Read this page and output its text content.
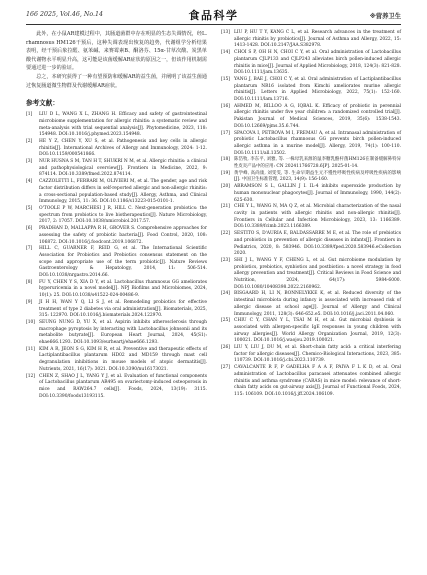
166 2025, Vol.46, No.14	食品科学	※营养卫生

此外，在小鼠AR建模过程中，其肠道菌群中存在明显的生态失调情况，经L. rhamnosus HM126干预后，这种失调表现出恢复的趋势，代谢组学分析结果表明，经干预后象拉醛、氨苯碱、来赛霉素B、酮洛芬、15α-甘草次酸、炭黑单酸代谢物水平明显升高，这可能是该菌缓解AR症状的原因之一，但该作用机制需要通过进一步的验证。

总之，本研究获得了一种有望预防和缓解AR的益生菌，并阐明了该益生菌通过恢复肠道微生物群及代谢缓解AR症状。

参考文献：
[1]	LIU D L, WANG X L, ZHANG H. Efficacy and safety of gastrointestinal microbiome supplementation for allergic rhinitis: a systematic review and meta-analysis with trial sequential analysis[J]. Phytomedicine, 2023, 118: 154948. DOI:10.1016/j.phymed.2023.154948.
[2]	HE Y Z, CHEN Y, XU S, et al. Pathogenesis and key cells in allergic rhinitis[J]. International Archives of Allergy and Immunology, 2024: 1-12. DOI:10.1159/000541866.
[3]	NUR HUSNA S M, TAN H T, SHUKRI N M, et al. Allergic rhinitis: a clinical and pathophysiological overview[J]. Frontiers in Medicine, 2022, 9: 874114. DOI:10.3389/fmed.2022.874114.
[4]	CAZZOLETTI L, FERRARI M, OLIVIERI M, et al. The gender, age and risk factor distribution differs in self-reported allergic and non-allergic rhinitis: a cross-sectional population-based study[J]. Allergy, Asthma, and Clinical Immunology, 2015, 11: 36. DOI:10.1186/s13223-015-0101-1.
[5]	O'TOOLE P W, MARCHESI J R, HILL C. Next-generation probiotics: the spectrum from probiotics to live biotherapeutics[J]. Nature Microbiology, 2017, 2: 17057. DOI:10.1038/nmicrobiol.2017.57.
[6]	PRADHAN D, MALLAPPA R H, GROVER S. Comprehensive approaches for assessing the safety of probiotic bacteria[J]. Food Control, 2020, 108: 106872. DOI:10.1016/j.foodcont.2019.106872.
[7]	HILL C, GUARNER F, REID G, et al. The International Scientific Association for Probiotics and Prebiotics consensus statement on the scope and appropriate use of the term probiotic[J]. Nature Reviews Gastroenterology & Hepatology, 2014, 11: 506-514. DOI:10.1038/nrgastro.2014.66.
[8]	FU Y, CHEN Y S, XIA D Y, et al. Lactobacillus rhamnosus GG ameliorates hyperuricemia in a novel model[J]. NPJ Biofilms and Microbiomes, 2024, 10(1): 25. DOI:10.1038/s41522-024-00486-9.
[9]	JI H H, WAN Y Q, LI S J, et al. Remodeling probiotics for effective treatment of type 2 diabetes via oral administration[J]. Biomaterials, 2025, 315: 122970. DOI:10.1016/j.biomaterials.2024.122970.
[10] SEUNG NUNG D, YU X, et al. Aspirin inhibits atherosclerosis through macrophage pyroptosis by interacting with Lactobacillus johnsonii and its metabolite butyrate[J]. European Heart Journal, 2024, 45(S1): ehae666.1293. DOI:10.1093/eurheartj/ehae666.1293.
[11] KIM A R, JEON S G, KIM H R, et al. Preventive and therapeutic effects of Lactiplantibacillus plantarum HD02 and MD159 through mast cell degranulation inhibitions in mouse models of atopic dermatitis[J]. Nutrients, 2021, 16(17): 3021. DOI:10.3390/nu16173021.
[12] CHEN Z, SHAO J L, YANG Y J, et al. Evaluation of functional components of Lactobacillus plantarum AR495 on ovariectomy-induced osteoporosis in mice and RAW264.7 cells[J]. Foods, 2024, 13(19): 3115. DOI:10.3390/foods13193115.
[13] LIU P, HU T Y, KANG C L, et al. Research advances in the treatment of allergic rhinitis by probiotics[J]. Journal of Asthma and Allergy, 2022, 15: 1413-1428. DOI:10.2147/JAA.S382978.
[14] CHOI S P, OH H N, CHOI C Y, et al. Oral administration of Lactobacillus plantarum CJLP133 and CJLP243 alleviates birch pollen-induced allergic rhinitis in mice[J]. Journal of Applied Microbiology, 2018, 124(3): 821-828. DOI:10.1111/jam.13635.
[15] YANG J, BAE J, CHOI C Y, et al. Oral administration of Lactiplantibacillus plantarum NR16 isolated from Kimchi ameliorates murine allergic rhinitis[J]. Letters in Applied Microbiology, 2022, 75(1): 152-160. DOI:10.1111/lam.13716.
[16] AHMED M, BILLOO A G, IQBAL K. Efficacy of probiotic in perennial allergic rhinitis under five year children: a randomized controlled trial[J]. Pakistan Journal of Medical Sciences, 2019, 35(6): 1538-1543. DOI:10.12669/pjms.35.6.744.
[17] SPACOVA I, PETROVA M I, FREMAU A, et al. Intranasal administration of probiotic Lactobacillus rhamnosus GG prevents birch pollen-induced allergic asthma in a murine model[J]. Allergy, 2019, 74(1): 100-110. DOI:10.1111/all.13502.
[18] 陈岱牧, 李东平, 刘雅, 等. 一株母乳来源的鼠李糖乳酪杆菌HM126在制备缓解鼻特异性皮炎产品中的应用: CN 202411766728.6[P]. 2025-01-14.
[19] 黄学峰, 高尚康, 刘雯雯, 等. 生命早期益生元不慢性呼吸性疾病及呼吸性疾病的影响[J]. 中国卫生标准管理, 2023, 14(9): 156-160.
[20] ABRAMSON S L, GALLIN J I. IL-4 inhibits superoxide production by human mononuclear phagocytes[J]. Journal of Immunology, 1990, 144(2): 625-630.
[21] CHE Y L, WANG N, MA Q Z, et al. Microbial characterization of the nasal cavity in patients with allergic rhinitis and non-allergic rhinitis[J]. Frontiers in Cellular and Infection Microbiology, 2023, 13: 1166389. DOI:10.3389/fcimb.2023.1166389.
[22] SESTITO S, D'AURIA E, BALDASSARRE M E, et al. The role of prebiotics and probiotics in prevention of allergic diseases in infants[J]. Frontiers in Pediatrics, 2020, 8: 583946. DOI:10.3389/fped.2020.583946.eCollection 2020.
[23] SHI J L, WANG Y F, CHENG L, et al. Gut microbiome modulation by probiotics, prebiotics, synbiotics and postbiotics: a novel strategy in food allergy prevention and treatment[J]. Critical Reviews in Food Science and Nutrition, 2024, 64(17): 5984-6000. DOI:10.1080/10408398.2022.2160962.
[24] BISGAARD H, LI N, BONNELYKKE K, et al. Reduced diversity of the intestinal microbiota during infancy is associated with increased risk of allergic disease at school age[J]. Journal of Allergy and Clinical Immunology, 2011, 128(3): 646-652.e5. DOI:10.1016/j.jaci.2011.04.060.
[25] CHIU C Y, CHAN Y L, TSAI M H, et al. Gut microbial dysbiosis is associated with allergen-specific IgE responses in young children with airway allergies[J]. World Allergy Organization Journal, 2019, 12(3): 100021. DOI:10.1016/j.waojou.2019.100021.
[26] LIU Y, LIU J, DU M, et al. Short-chain fatty acid: a critical interfering factor for allergic diseases[J]. Chemico-Biological Interactions, 2023, 385: 110739. DOI:10.1016/j.cbi.2023.110739.
[27] CAVALCANTE R F, P GADELHA F A A F, PAIVA F L K D, et al. Oral administration of Lactobacillus paracasei attenuates combined allergic rhinitis and asthma syndrome (CARAS) in mice model: relevance of short-chain fatty acids on gut-airway axis[J]. Journal of Functional Foods, 2024, 115: 106109. DOI:10.1016/j.jff.2024.106109.
